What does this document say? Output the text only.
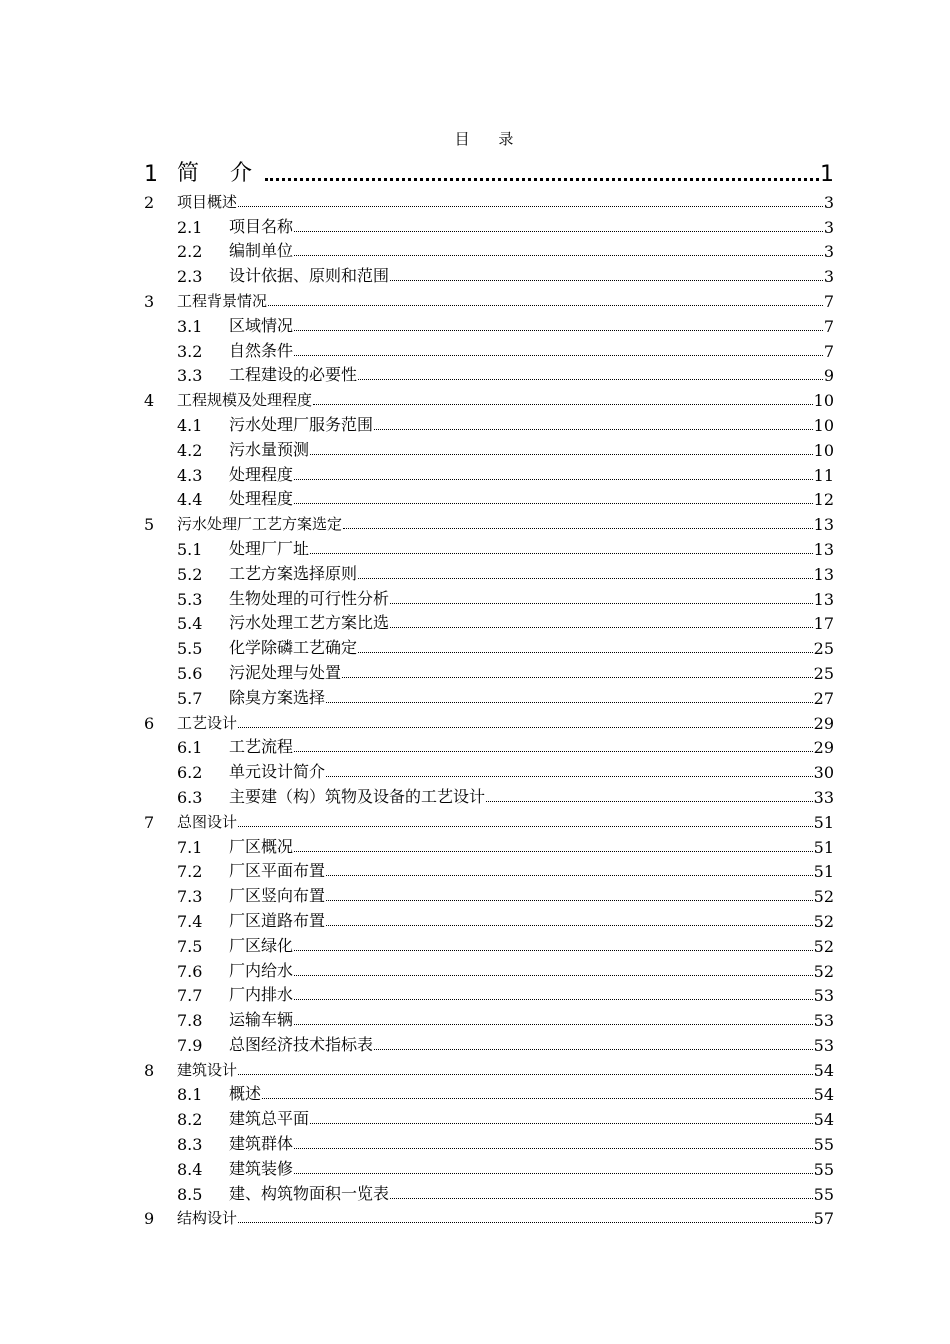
目 录
1 简 介	1
2	项目概述	3
2.1	项目名称	3
2.2	编制单位	3
2.3	设计依据、原则和范围	3
3	工程背景情况	7
3.1	区域情况	7
3.2	自然条件	7
3.3	工程建设的必要性	9
4	工程规模及处理程度	10
4.1	污水处理厂服务范围	10
4.2	污水量预测	10
4.3	处理程度	11
4.4	处理程度	12
5	污水处理厂工艺方案选定	13
5.1	处理厂厂址	13
5.2	工艺方案选择原则	13
5.3	生物处理的可行性分析	13
5.4	污水处理工艺方案比选	17
5.5	化学除磷工艺确定	25
5.6	污泥处理与处置	25
5.7	除臭方案选择	27
6	工艺设计	29
6.1	工艺流程	29
6.2	单元设计简介	30
6.3	主要建（构）筑物及设备的工艺设计	33
7	总图设计	51
7.1	厂区概况	51
7.2	厂区平面布置	51
7.3	厂区竖向布置	52
7.4	厂区道路布置	52
7.5	厂区绿化	52
7.6	厂内给水	52
7.7	厂内排水	53
7.8	运输车辆	53
7.9	总图经济技术指标表	53
8	建筑设计	54
8.1	概述	54
8.2	建筑总平面	54
8.3	建筑群体	55
8.4	建筑装修	55
8.5	建、构筑物面积一览表	55
9	结构设计	57
